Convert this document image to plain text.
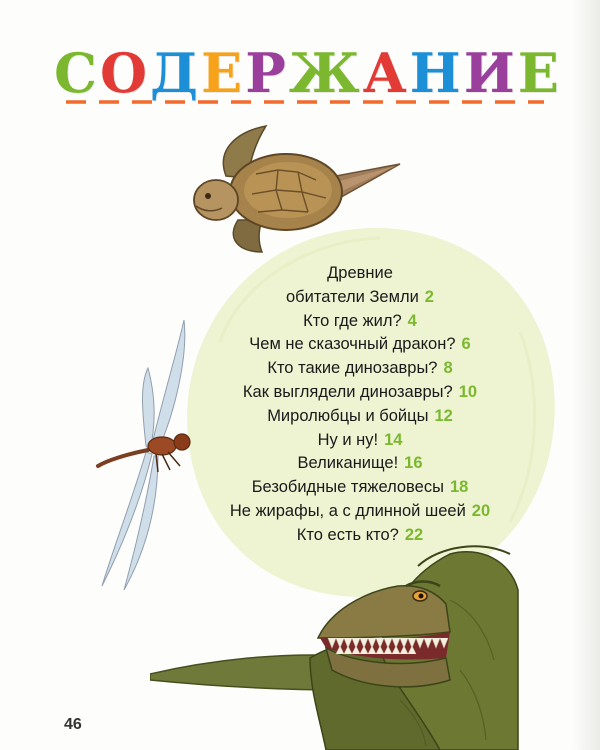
С О Д Е Р Ж А Н И Е
Древние
обитатели Земли 2
Кто где жил? 4
Чем не сказочный дракон? 6
Кто такие динозавры? 8
Как выглядели динозавры? 10
Миролюбцы и бойцы 12
Ну и ну! 14
Великанище! 16
Безобидные тяжеловесы 18
Не жирафы, а с длинной шеей 20
Кто есть кто? 22
46
